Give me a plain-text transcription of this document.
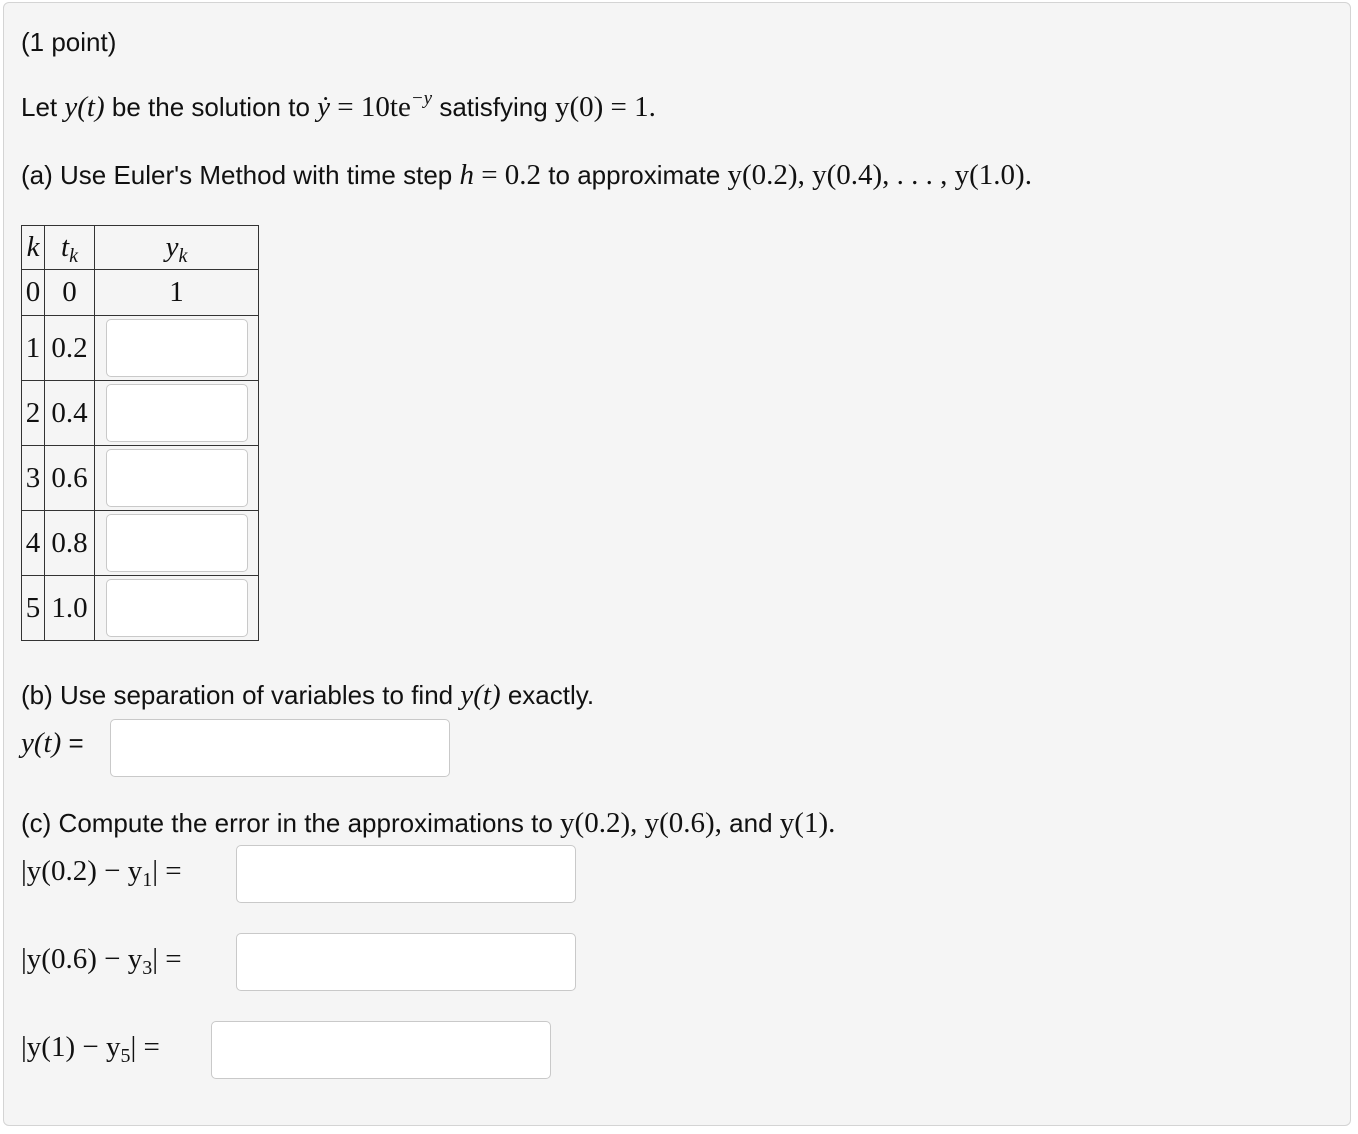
(1 point)
Let y(t) be the solution to ẏ = $10te^{-y}$ satisfying y(0) = 1.
(a) Use Euler's Method with time step h = 0.2 to approximate y(0.2), y(0.4), . . . , y(1.0).
k	$t_k$	$y_k$
0	0	1
1	0.2	

2	0.4	

3	0.6	

4	0.8	

5	1.0	
(b) Use separation of variables to find y(t) exactly.
y(t) =
(c) Compute the error in the approximations to y(0.2), y(0.6), and y(1).
$|y(0.2) - y_1|$ =
$|y(0.6) - y_3|$ =
$|y(1) - y_5|$ =
